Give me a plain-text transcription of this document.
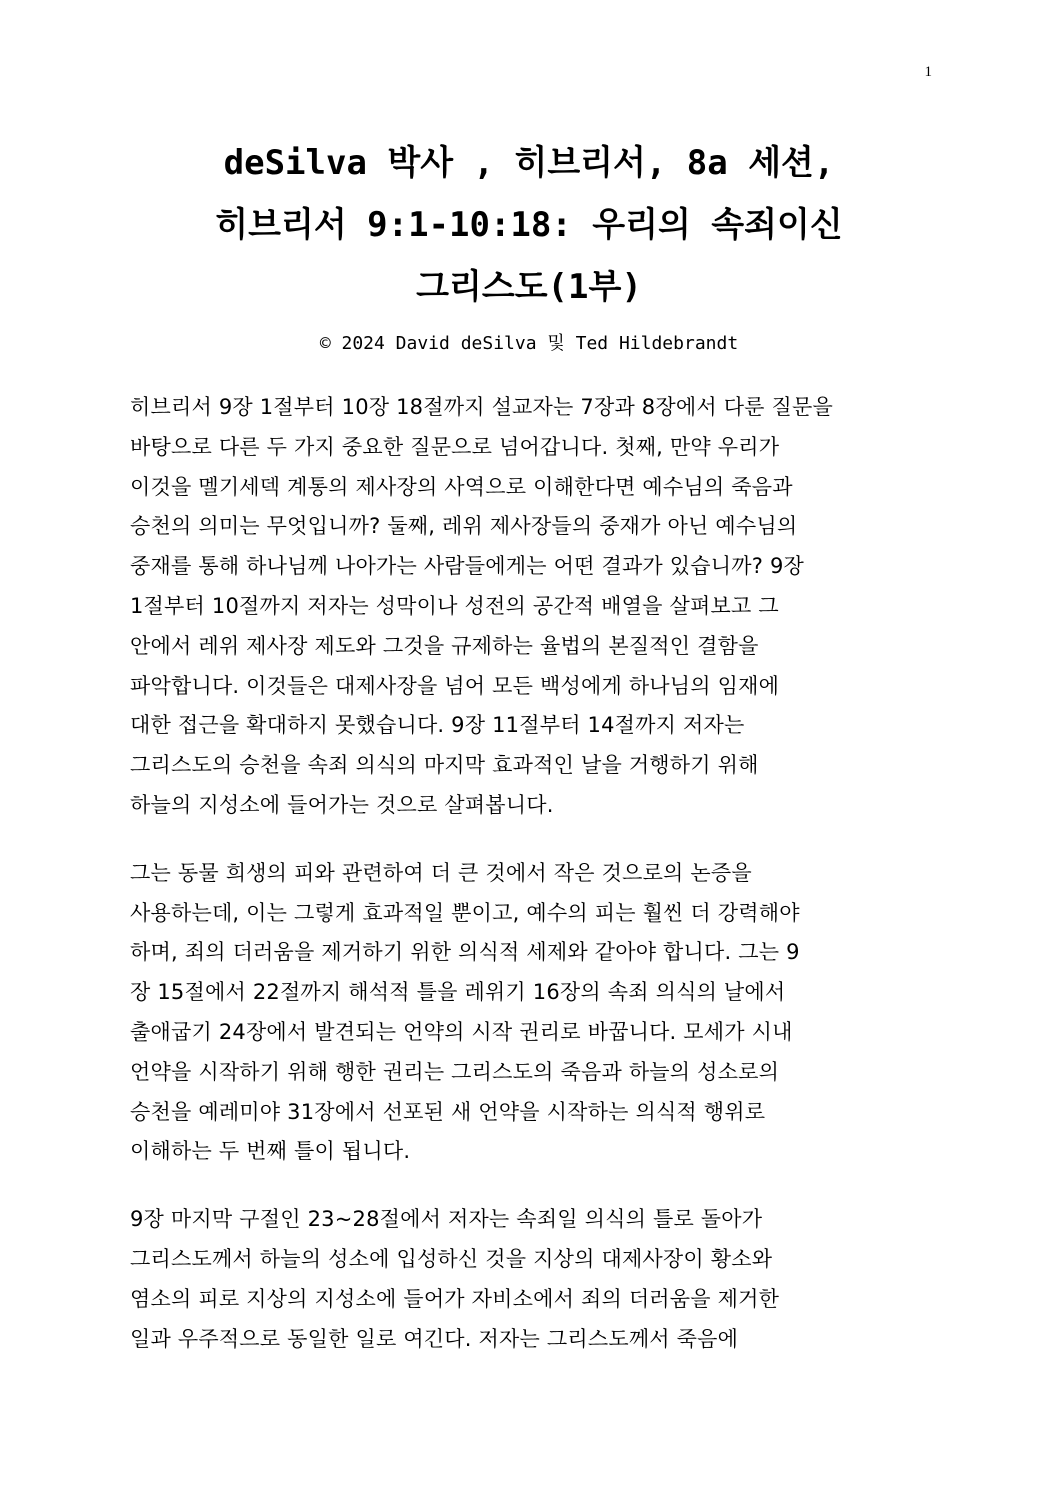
1
deSilva 박사 , 히브리서, 8a 세션,
히브리서 9:1-10:18: 우리의 속죄이신
그리스도(1부)
© 2024 David deSilva 및 Ted Hildebrandt
히브리서 9장 1절부터 10장 18절까지 설교자는 7장과 8장에서 다룬 질문을
바탕으로 다른 두 가지 중요한 질문으로 넘어갑니다. 첫째, 만약 우리가
이것을 멜기세덱 계통의 제사장의 사역으로 이해한다면 예수님의 죽음과
승천의 의미는 무엇입니까? 둘째, 레위 제사장들의 중재가 아닌 예수님의
중재를 통해 하나님께 나아가는 사람들에게는 어떤 결과가 있습니까? 9장
1절부터 10절까지 저자는 성막이나 성전의 공간적 배열을 살펴보고 그
안에서 레위 제사장 제도와 그것을 규제하는 율법의 본질적인 결함을
파악합니다. 이것들은 대제사장을 넘어 모든 백성에게 하나님의 임재에
대한 접근을 확대하지 못했습니다. 9장 11절부터 14절까지 저자는
그리스도의 승천을 속죄 의식의 마지막 효과적인 날을 거행하기 위해
하늘의 지성소에 들어가는 것으로 살펴봅니다.
그는 동물 희생의 피와 관련하여 더 큰 것에서 작은 것으로의 논증을
사용하는데, 이는 그렇게 효과적일 뿐이고, 예수의 피는 훨씬 더 강력해야
하며, 죄의 더러움을 제거하기 위한 의식적 세제와 같아야 합니다. 그는 9
장 15절에서 22절까지 해석적 틀을 레위기 16장의 속죄 의식의 날에서
출애굽기 24장에서 발견되는 언약의 시작 권리로 바꿉니다. 모세가 시내
언약을 시작하기 위해 행한 권리는 그리스도의 죽음과 하늘의 성소로의
승천을 예레미야 31장에서 선포된 새 언약을 시작하는 의식적 행위로
이해하는 두 번째 틀이 됩니다.
9장 마지막 구절인 23~28절에서 저자는 속죄일 의식의 틀로 돌아가
그리스도께서 하늘의 성소에 입성하신 것을 지상의 대제사장이 황소와
염소의 피로 지상의 지성소에 들어가 자비소에서 죄의 더러움을 제거한
일과 우주적으로 동일한 일로 여긴다. 저자는 그리스도께서 죽음에
